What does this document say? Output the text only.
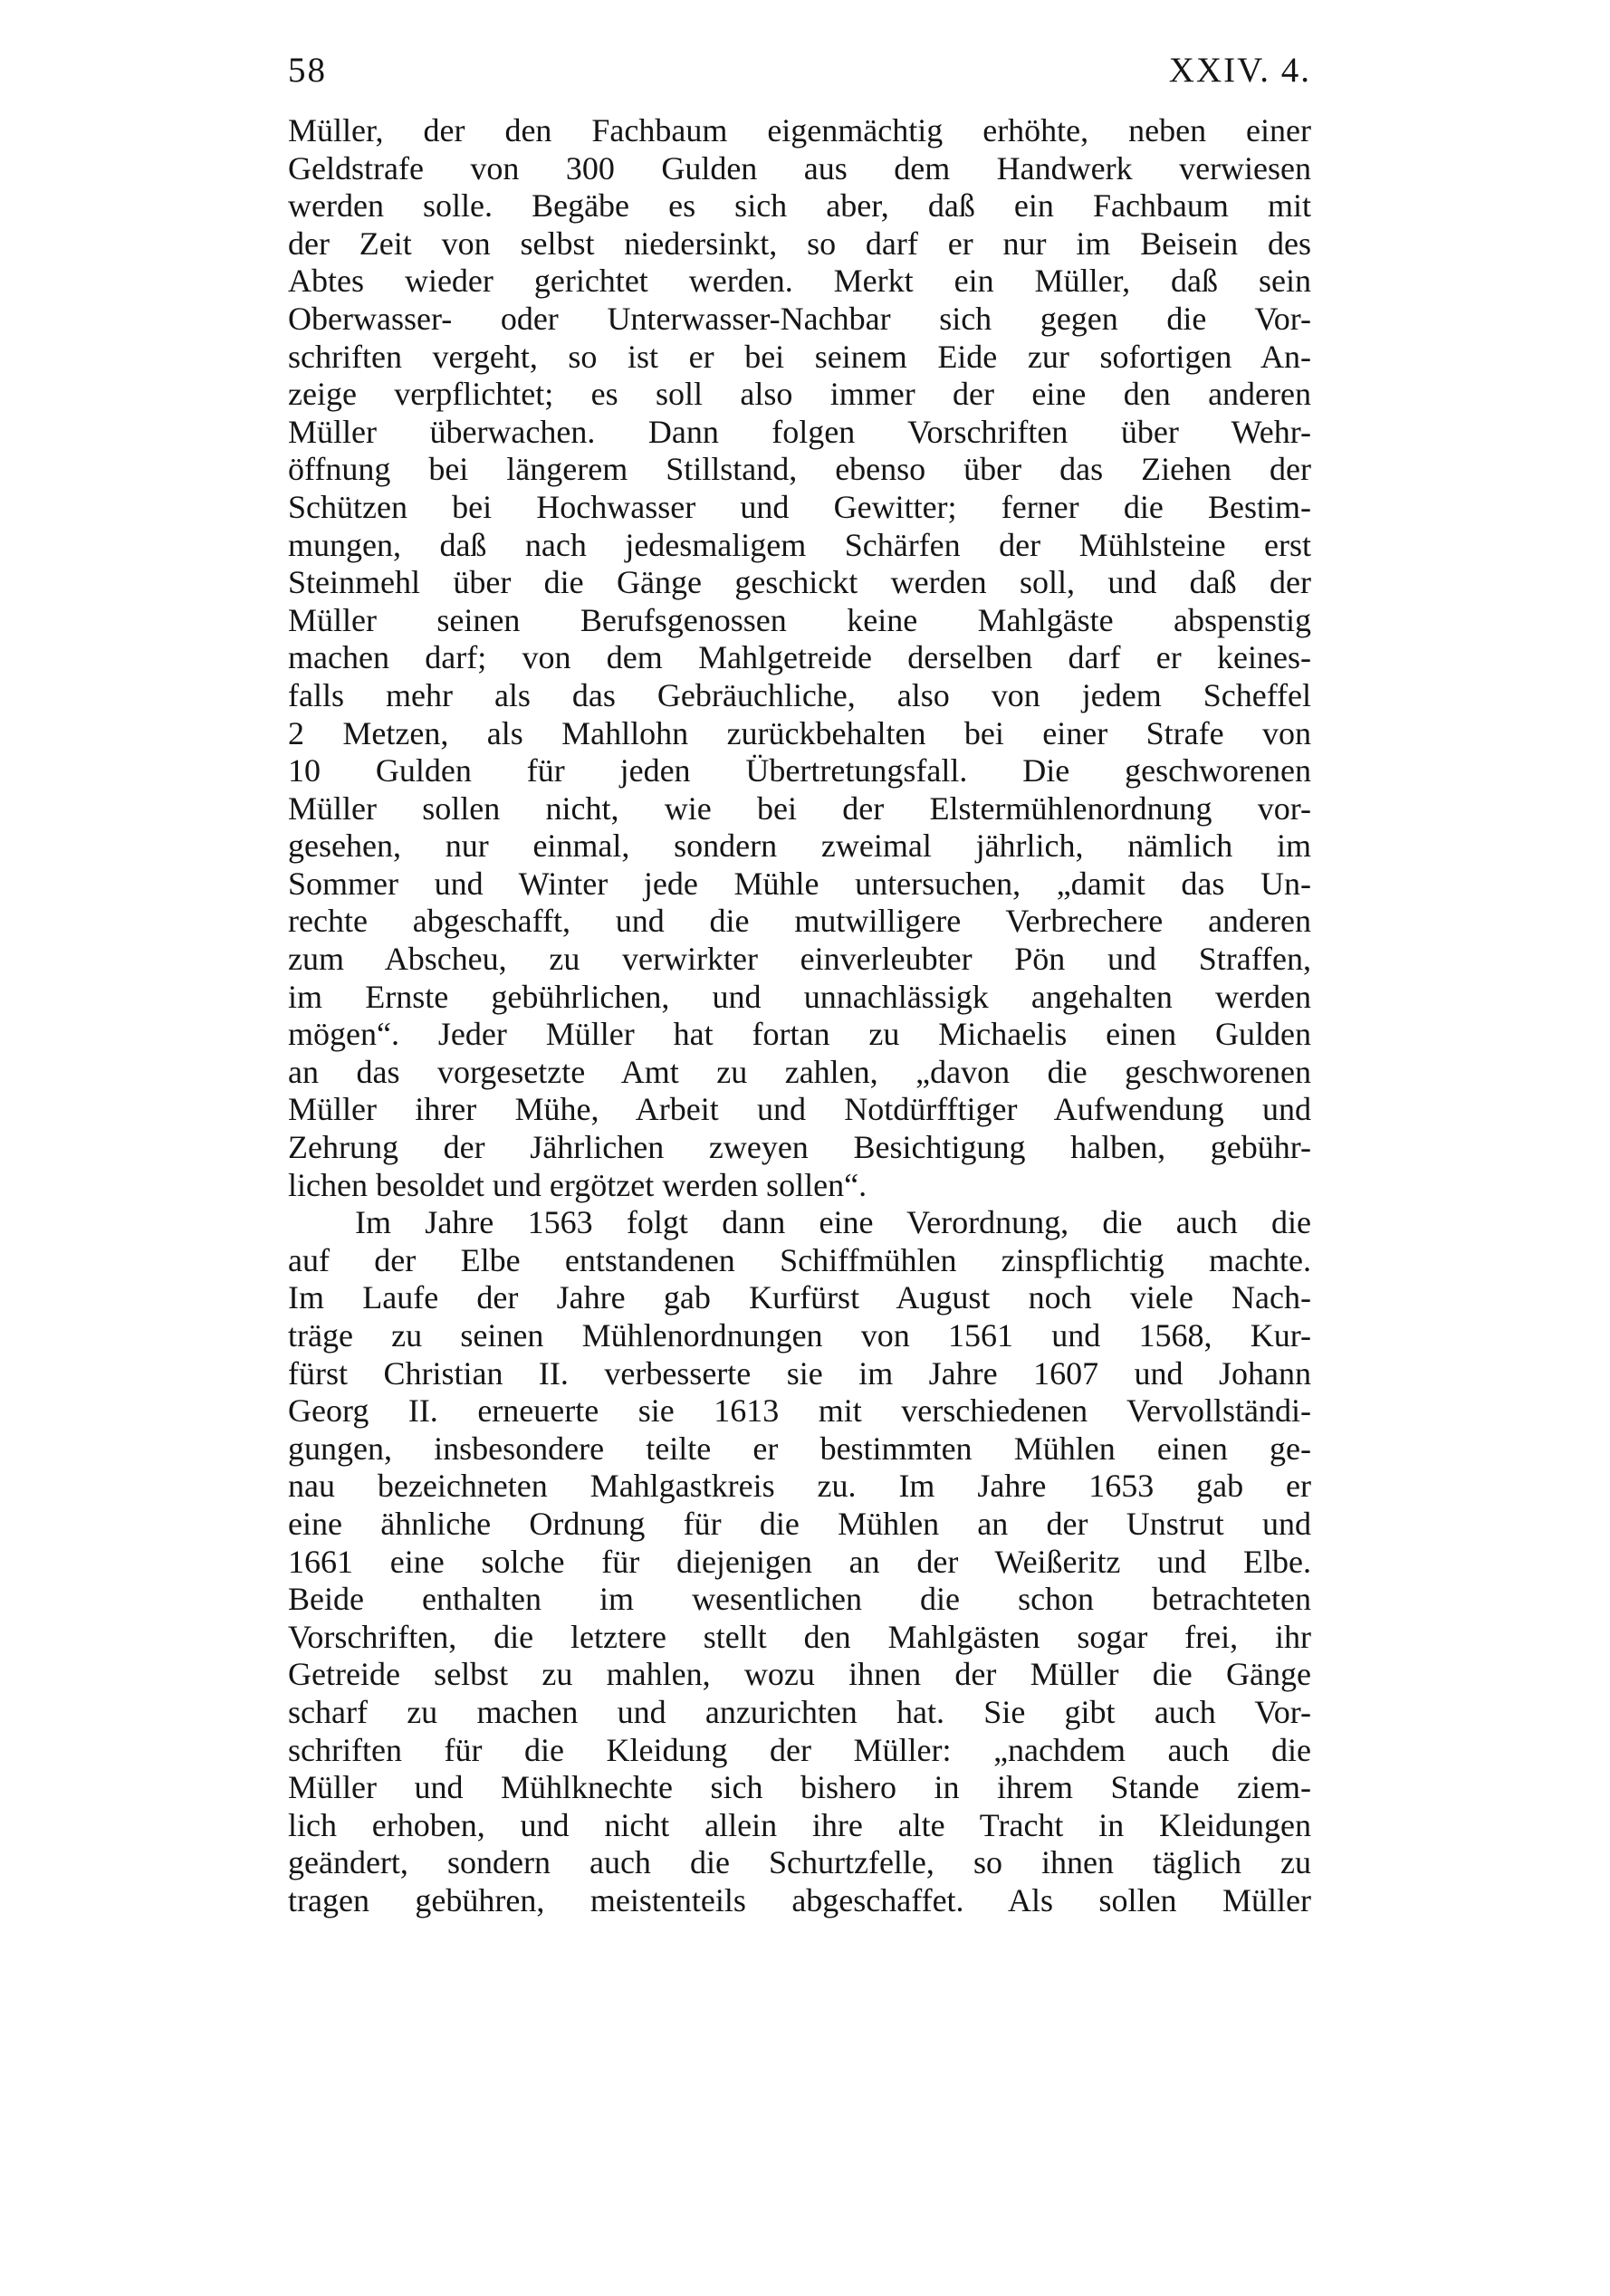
58	XXIV. 4.
Müller, der den Fachbaum eigenmächtig erhöhte, neben einer
Geldstrafe von 300 Gulden aus dem Handwerk verwiesen
werden solle. Begäbe es sich aber, daß ein Fachbaum mit
der Zeit von selbst niedersinkt, so darf er nur im Beisein des
Abtes wieder gerichtet werden. Merkt ein Müller, daß sein
Oberwasser- oder Unterwasser-Nachbar sich gegen die Vor-
schriften vergeht, so ist er bei seinem Eide zur sofortigen An-
zeige verpflichtet; es soll also immer der eine den anderen
Müller überwachen. Dann folgen Vorschriften über Wehr-
öffnung bei längerem Stillstand, ebenso über das Ziehen der
Schützen bei Hochwasser und Gewitter; ferner die Bestim-
mungen, daß nach jedesmaligem Schärfen der Mühlsteine erst
Steinmehl über die Gänge geschickt werden soll, und daß der
Müller seinen Berufsgenossen keine Mahlgäste abspenstig
machen darf; von dem Mahlgetreide derselben darf er keines-
falls mehr als das Gebräuchliche, also von jedem Scheffel
2 Metzen, als Mahllohn zurückbehalten bei einer Strafe von
10 Gulden für jeden Übertretungsfall. Die geschworenen
Müller sollen nicht, wie bei der Elstermühlenordnung vor-
gesehen, nur einmal, sondern zweimal jährlich, nämlich im
Sommer und Winter jede Mühle untersuchen, „damit das Un-
rechte abgeschafft, und die mutwilligere Verbrechere anderen
zum Abscheu, zu verwirkter einverleubter Pön und Straffen,
im Ernste gebührlichen, und unnachlässigk angehalten werden
mögen“. Jeder Müller hat fortan zu Michaelis einen Gulden
an das vorgesetzte Amt zu zahlen, „davon die geschworenen
Müller ihrer Mühe, Arbeit und Notdürfftiger Aufwendung und
Zehrung der Jährlichen zweyen Besichtigung halben, gebühr-
lichen besoldet und ergötzet werden sollen“.
Im Jahre 1563 folgt dann eine Verordnung, die auch die
auf der Elbe entstandenen Schiffmühlen zinspflichtig machte.
Im Laufe der Jahre gab Kurfürst August noch viele Nach-
träge zu seinen Mühlenordnungen von 1561 und 1568, Kur-
fürst Christian II. verbesserte sie im Jahre 1607 und Johann
Georg II. erneuerte sie 1613 mit verschiedenen Vervollständi-
gungen, insbesondere teilte er bestimmten Mühlen einen ge-
nau bezeichneten Mahlgastkreis zu. Im Jahre 1653 gab er
eine ähnliche Ordnung für die Mühlen an der Unstrut und
1661 eine solche für diejenigen an der Weißeritz und Elbe.
Beide enthalten im wesentlichen die schon betrachteten
Vorschriften, die letztere stellt den Mahlgästen sogar frei, ihr
Getreide selbst zu mahlen, wozu ihnen der Müller die Gänge
scharf zu machen und anzurichten hat. Sie gibt auch Vor-
schriften für die Kleidung der Müller: „nachdem auch die
Müller und Mühlknechte sich bishero in ihrem Stande ziem-
lich erhoben, und nicht allein ihre alte Tracht in Kleidungen
geändert, sondern auch die Schurtzfelle, so ihnen täglich zu
tragen gebühren, meistenteils abgeschaffet. Als sollen Müller
